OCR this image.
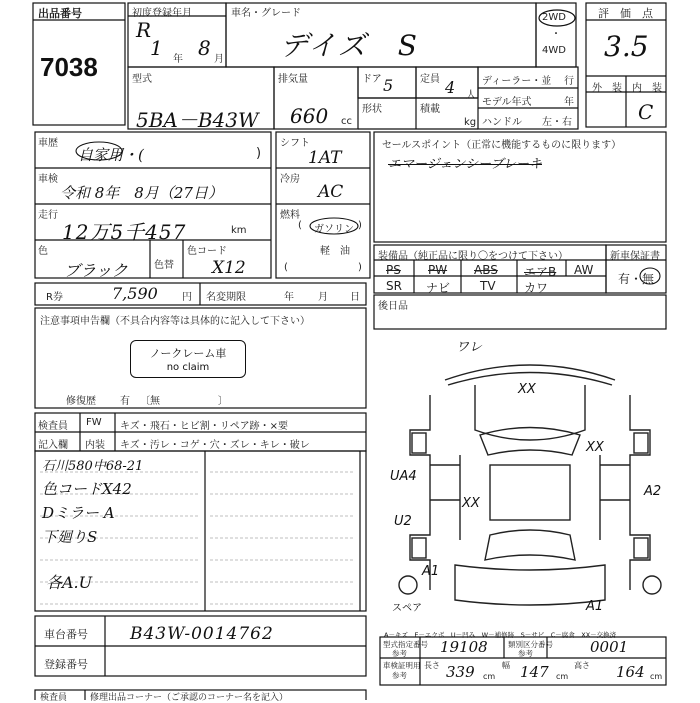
出品番号
7038
初度登録年月
R
1 年 8 月
車名・グレード
デイズ　S
2WD
・
4WD
評　価　点
3.5
外　装 内　装
C
型式
5BA－B43W
排気量
660 cc
ドア 5	定員 4 人
形状	積載
kg
ディーラー・並 行
モデル年式	年
ハンドル 左・右
車歴
自家用・(	)
車検
令和 8年　8月（27日）
走行
12万5千457	km
色
ブラック	色替
色コード
X12
シフト
1AT
冷房
AC
燃料
ガソリン
(	)
軽　油
(	)
セールスポイント（正常に機能するものに限ります）
エマージェンシーブレーキ
装備品（純正品に限り〇をつけて下さい）
PS PW ABS エアB AW
SR ナビ TV カワ
新車保証書
有・無
後日品
R券	7,590 円 名変期限	年 月 日
注意事項申告欄（不具合内容等は具体的に記入して下さい）
ノークレーム車
no claim
修復歴 有 〔無	〕
検査員
記入欄
FW
内装
キズ・飛石・ヒビ割・リペア跡・×要
キズ・汚レ・コゲ・穴・ズレ・キレ・破レ
石川580中68-21
色コードX42
Dミラー A
下廻りS
各A.U
ワレ
XX
XX
UA4
XX
U2
A2
A1
A1
スペア
A－キズ　E－エクボ　U－凹み　W－補修跡　S－サビ　C－腐食　XX－交換済
車台番号 B43W-0014762
登録番号
型式指定番号
参考 19108	類別区分番号
参考	0001
車検証明用
参考
長さ 339 cm
幅 147 cm
高さ 164 cm
検査員	修理出品コーナー（ご承認のコーナー名を記入）
